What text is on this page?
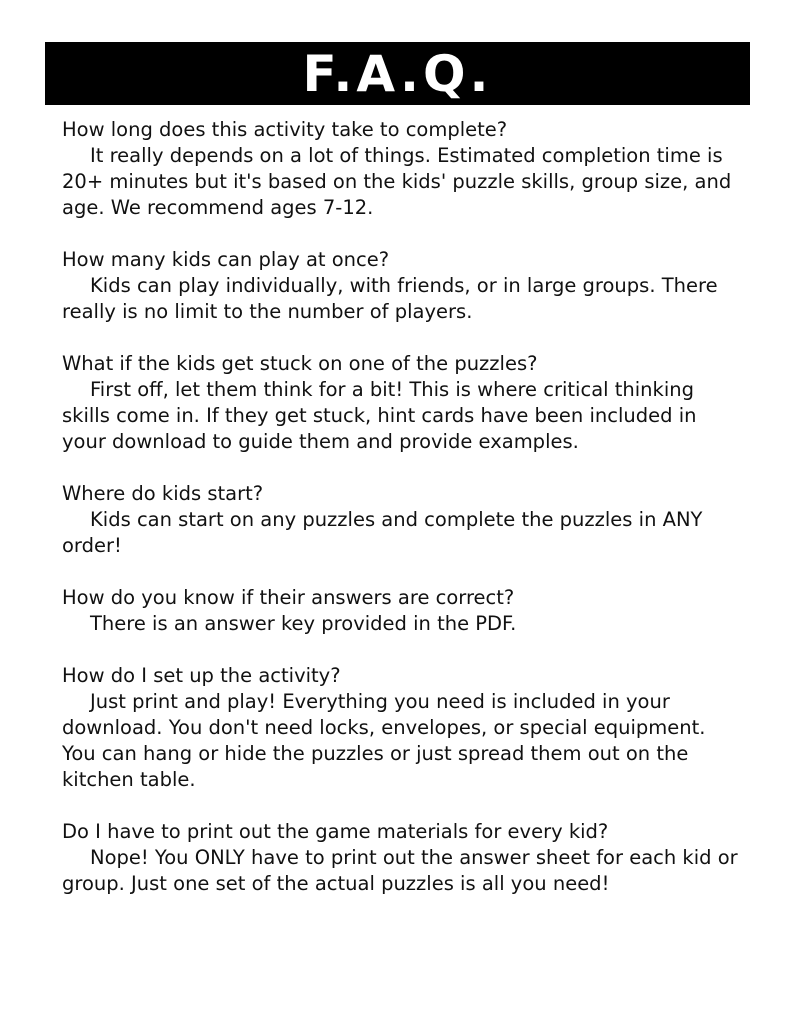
F.A.Q.

How long does this activity take to complete?

It really depends on a lot of things. Estimated completion time is 20+ minutes but it's based on the kids' puzzle skills, group size, and age. We recommend ages 7-12.

How many kids can play at once?

Kids can play individually, with friends, or in large groups. There really is no limit to the number of players.

What if the kids get stuck on one of the puzzles?

First off, let them think for a bit! This is where critical thinking skills come in. If they get stuck, hint cards have been included in your download to guide them and provide examples.

Where do kids start?

Kids can start on any puzzles and complete the puzzles in ANY order!

How do you know if their answers are correct?

There is an answer key provided in the PDF.

How do I set up the activity?

Just print and play! Everything you need is included in your download. You don't need locks, envelopes, or special equipment. You can hang or hide the puzzles or just spread them out on the kitchen table.

Do I have to print out the game materials for every kid?

Nope! You ONLY have to print out the answer sheet for each kid or group. Just one set of the actual puzzles is all you need!
